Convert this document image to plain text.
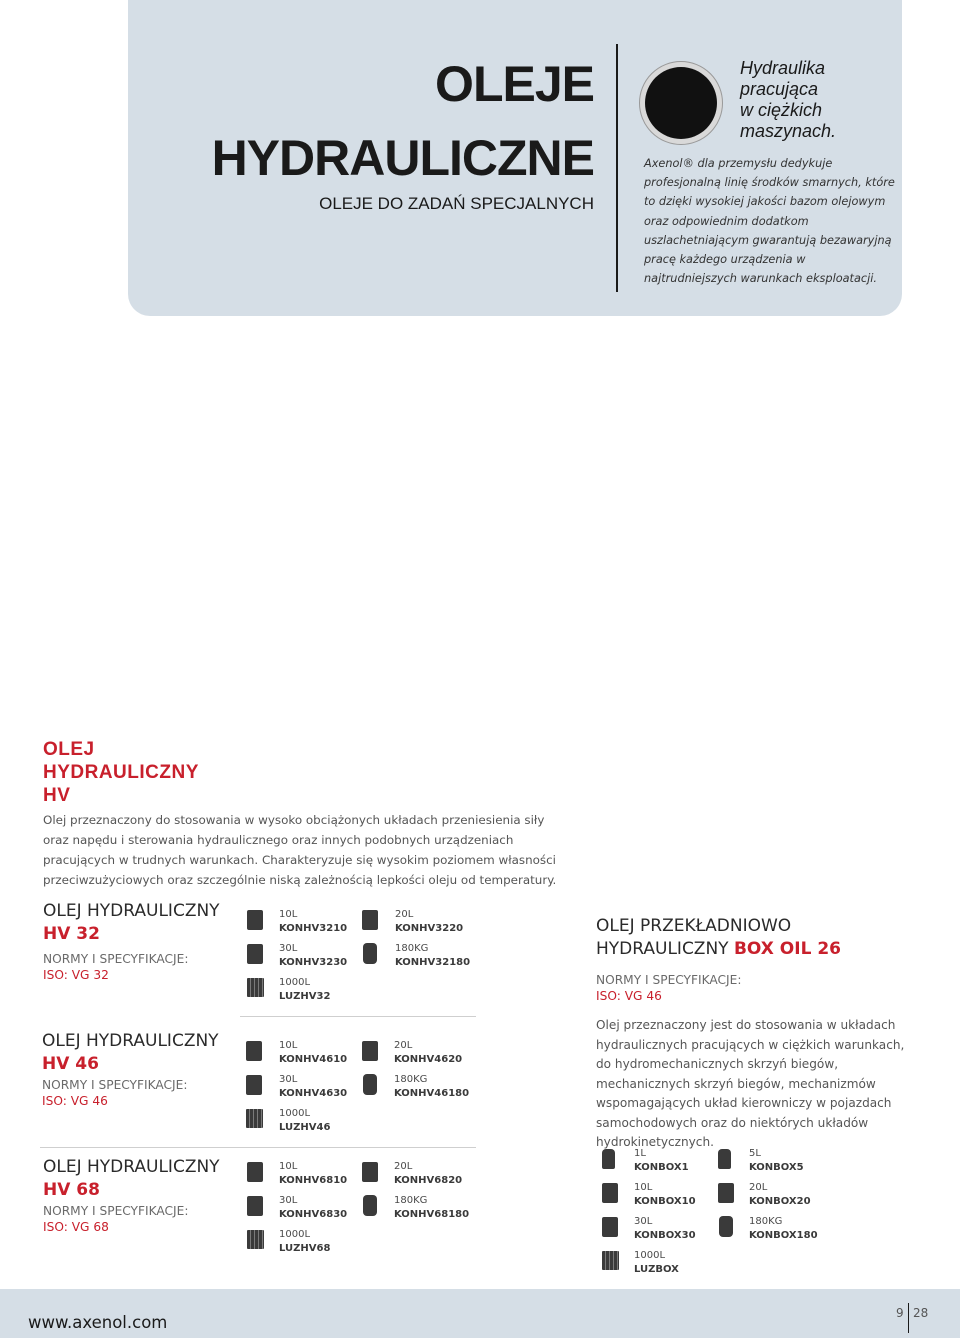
OLEJE
HYDRAULICZNE
OLEJE DO ZADAŃ SPECJALNYCH
Hydraulika
pracująca
w ciężkich
maszynach.
Axenol® dla przemysłu dedykuje profesjonalną linię środków smarnych, które to dzięki wysokiej jakości bazom olejowym oraz odpowiednim dodatkom uszlachetniającym gwarantują bezawaryjną pracę każdego urządzenia w najtrudniejszych warunkach eksploatacji.
OLEJ
HYDRAULICZNY
HV
Olej przeznaczony do stosowania w wysoko obciążonych układach przeniesienia siły oraz napędu i sterowania hydraulicznego oraz innych podobnych urządzeniach pracujących w trudnych warunkach. Charakteryzuje się wysokim poziomem własności przeciwzużyciowych oraz szczególnie niską zależnością lepkości oleju od temperatury.
OLEJ HYDRAULICZNY
HV 32
NORMY I SPECYFIKACJE:
ISO: VG 32
10L
KONHV3210
20L
KONHV3220
30L
KONHV3230
180KG
KONHV32180
1000L
LUZHV32
OLEJ HYDRAULICZNY
HV 46
NORMY I SPECYFIKACJE:
ISO: VG 46
10L
KONHV4610
20L
KONHV4620
30L
KONHV4630
180KG
KONHV46180
1000L
LUZHV46
OLEJ HYDRAULICZNY
HV 68
NORMY I SPECYFIKACJE:
ISO: VG 68
10L
KONHV6810
20L
KONHV6820
30L
KONHV6830
180KG
KONHV68180
1000L
LUZHV68
OLEJ PRZEKŁADNIOWO
HYDRAULICZNY BOX OIL 26
NORMY I SPECYFIKACJE:
ISO: VG 46
Olej przeznaczony jest do stosowania w układach hydraulicznych pracujących w ciężkich warunkach, do hydromechanicznych skrzyń biegów, mechanicznych skrzyń biegów, mechanizmów wspomagających układ kierowniczy w pojazdach samochodowych oraz do niektórych układów hydrokinetycznych.
1L
KONBOX1
5L
KONBOX5
10L
KONBOX10
20L
KONBOX20
30L
KONBOX30
180KG
KONBOX180
1000L
LUZBOX
www.axenol.com	9 28
